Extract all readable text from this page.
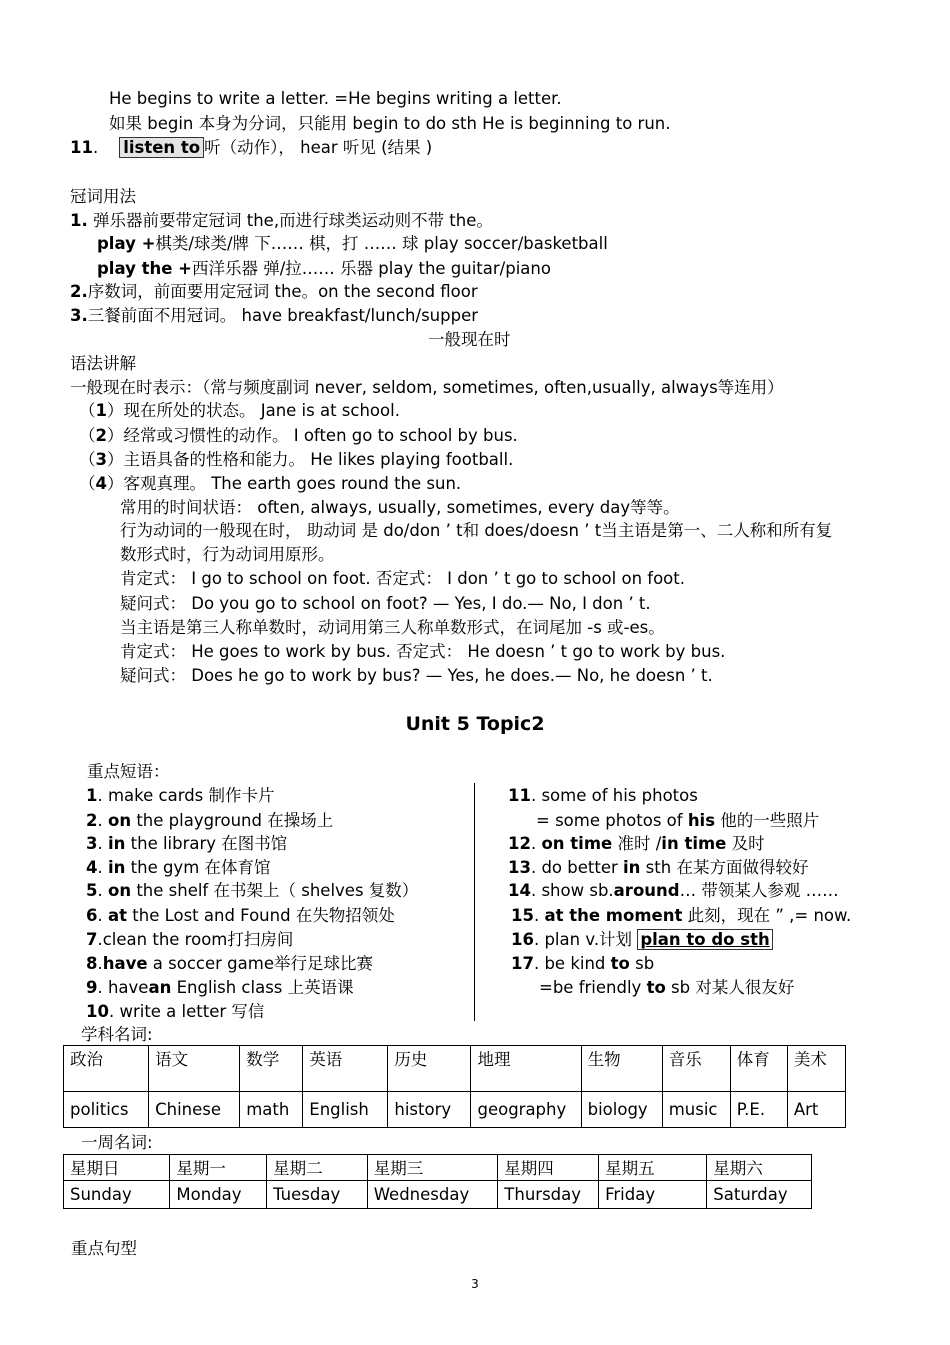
He begins to write a letter. =He begins writing a letter.
如果 begin 本身为分词，只能用 begin to do sth He is beginning to run.
11. listen to 听（动作）， hear 听见 (结果 )
冠词用法
1. 弹乐器前要带定冠词 the,而进行球类运动则不带 the。
play +棋类/球类/牌 下…… 棋，打 …… 球 play soccer/basketball
play the +西洋乐器 弹/拉…… 乐器 play the guitar/piano
2.序数词，前面要用定冠词 the。on the second floor
3.三餐前面不用冠词。 have breakfast/lunch/supper
一般现在时
语法讲解
一般现在时表示：（常与频度副词 never, seldom, sometimes, often,usually, always等连用）
（1）现在所处的状态。 Jane is at school.
（2）经常或习惯性的动作。 I often go to school by bus.
（3）主语具备的性格和能力。 He likes playing football.
（4）客观真理。 The earth goes round the sun.
常用的时间状语： often, always, usually, sometimes, every day等等。
行为动词的一般现在时， 助动词 是 do/don ’ t和 does/doesn ’ t当主语是第一、二人称和所有复
数形式时，行为动词用原形。
肯定式： I go to school on foot. 否定式： I don ’ t go to school on foot.
疑问式： Do you go to school on foot? — Yes, I do.— No, I don ’ t.
当主语是第三人称单数时，动词用第三人称单数形式，在词尾加 -s 或-es。
肯定式： He goes to work by bus. 否定式： He doesn ’ t go to work by bus.
疑问式： Does he go to work by bus? — Yes, he does.— No, he doesn ’ t.
Unit 5 Topic2
重点短语：
1. make cards 制作卡片
2. on the playground 在操场上
3. in the library 在图书馆
4. in the gym 在体育馆
5. on the shelf 在书架上（ shelves 复数）
6. at the Lost and Found 在失物招领处
7.clean the room打扫房间
8.have a soccer game举行足球比赛
9. havean English class 上英语课
10. write a letter 写信
11. some of his photos
= some photos of his 他的一些照片
12. on time 准时 /in time 及时
13. do better in sth 在某方面做得较好
14. show sb.around… 带领某人参观 ……
15. at the moment 此刻，现在 ” ,= now.
16. plan v.计划 plan to do sth
17. be kind to sb
=be friendly to sb 对某人很友好
学科名词:
政治	语文	数学	英语	历史	地理	生物	音乐	体育	美术
politics	Chinese	math	English	history	geography	biology	music	P.E.	Art
一周名词:
星期日	星期一	星期二	星期三	星期四	星期五	星期六
Sunday	Monday	Tuesday	Wednesday	Thursday	Friday	Saturday
重点句型
3
